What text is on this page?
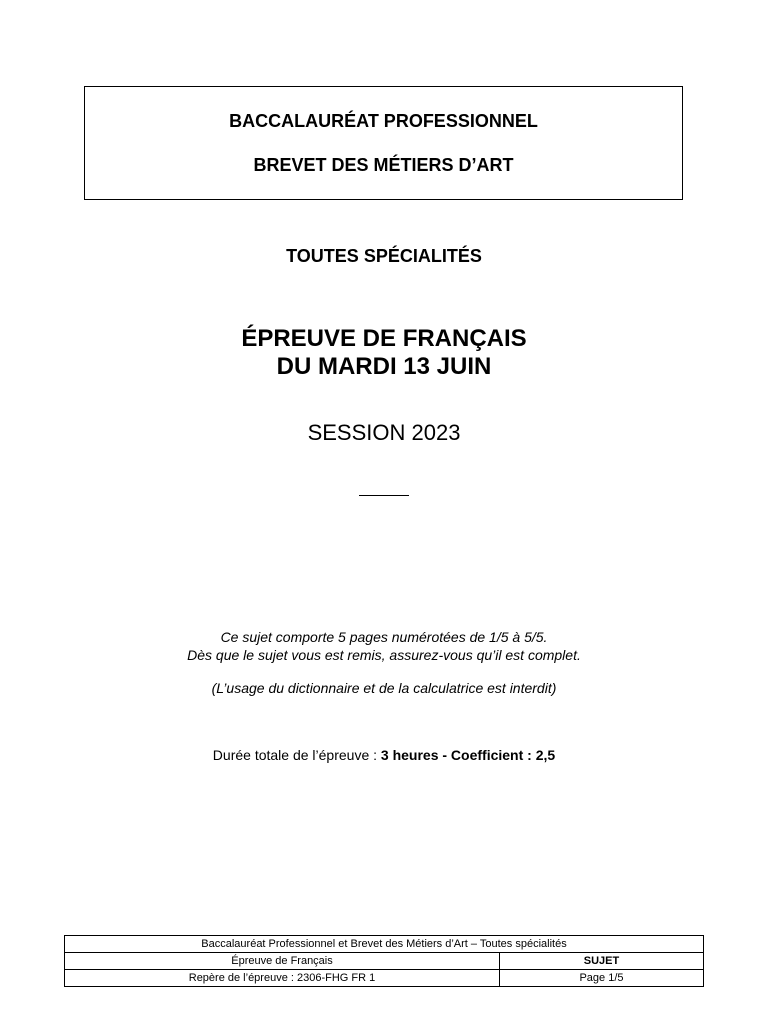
BACCALAURÉAT PROFESSIONNEL
BREVET DES MÉTIERS D’ART
TOUTES SPÉCIALITÉS
ÉPREUVE DE FRANÇAIS
DU MARDI 13 JUIN
SESSION 2023
Ce sujet comporte 5 pages numérotées de 1/5 à 5/5.
Dès que le sujet vous est remis, assurez-vous qu’il est complet.
(L’usage du dictionnaire et de la calculatrice est interdit)
Durée totale de l’épreuve : 3 heures - Coefficient : 2,5
Baccalauréat Professionnel et Brevet des Métiers d’Art – Toutes spécialités	
Épreuve de Français	SUJET
Repère de l’épreuve : 2306-FHG FR 1	Page 1/5
